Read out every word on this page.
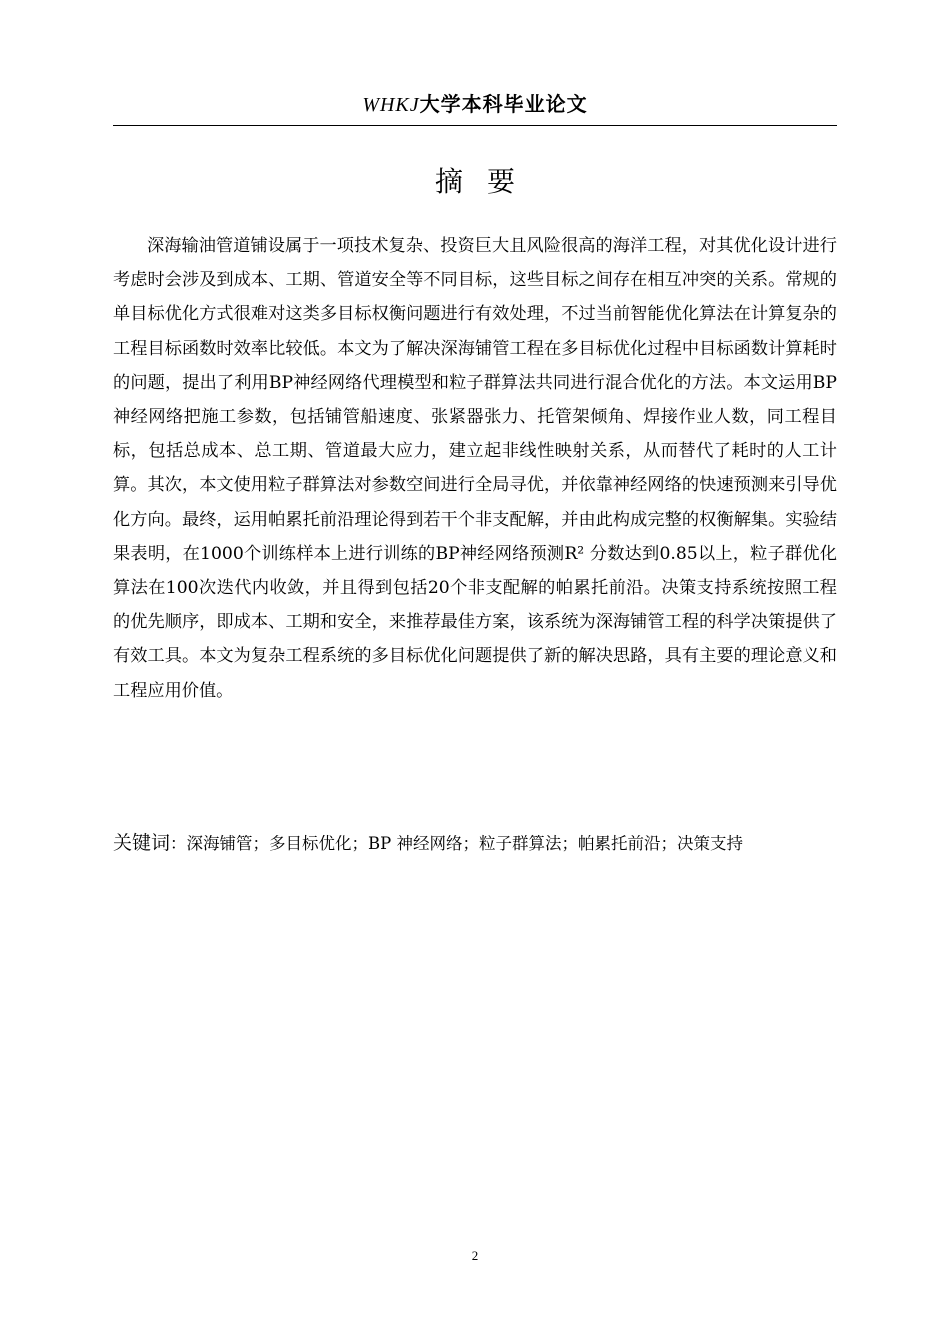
WHKJ大学本科毕业论文
摘要

深海输油管道铺设属于一项技术复杂、投资巨大且风险很高的海洋工程，对其优化设计进行考虑时会涉及到成本、工期、管道安全等不同目标，这些目标之间存在相互冲突的关系。常规的单目标优化方式很难对这类多目标权衡问题进行有效处理，不过当前智能优化算法在计算复杂的工程目标函数时效率比较低。本文为了解决深海铺管工程在多目标优化过程中目标函数计算耗时的问题，提出了利用BP神经网络代理模型和粒子群算法共同进行混合优化的方法。本文运用BP神经网络把施工参数，包括铺管船速度、张紧器张力、托管架倾角、焊接作业人数，同工程目标，包括总成本、总工期、管道最大应力，建立起非线性映射关系，从而替代了耗时的人工计算。其次，本文使用粒子群算法对参数空间进行全局寻优，并依靠神经网络的快速预测来引导优化方向。最终，运用帕累托前沿理论得到若干个非支配解，并由此构成完整的权衡解集。实验结果表明，在1000个训练样本上进行训练的BP神经网络预测R² 分数达到0.85以上，粒子群优化算法在100次迭代内收敛，并且得到包括20个非支配解的帕累托前沿。决策支持系统按照工程的优先顺序，即成本、工期和安全，来推荐最佳方案，该系统为深海铺管工程的科学决策提供了有效工具。本文为复杂工程系统的多目标优化问题提供了新的解决思路，具有主要的理论意义和工程应用价值。

关键词：深海铺管；多目标优化；BP 神经网络；粒子群算法；帕累托前沿；决策支持
2
